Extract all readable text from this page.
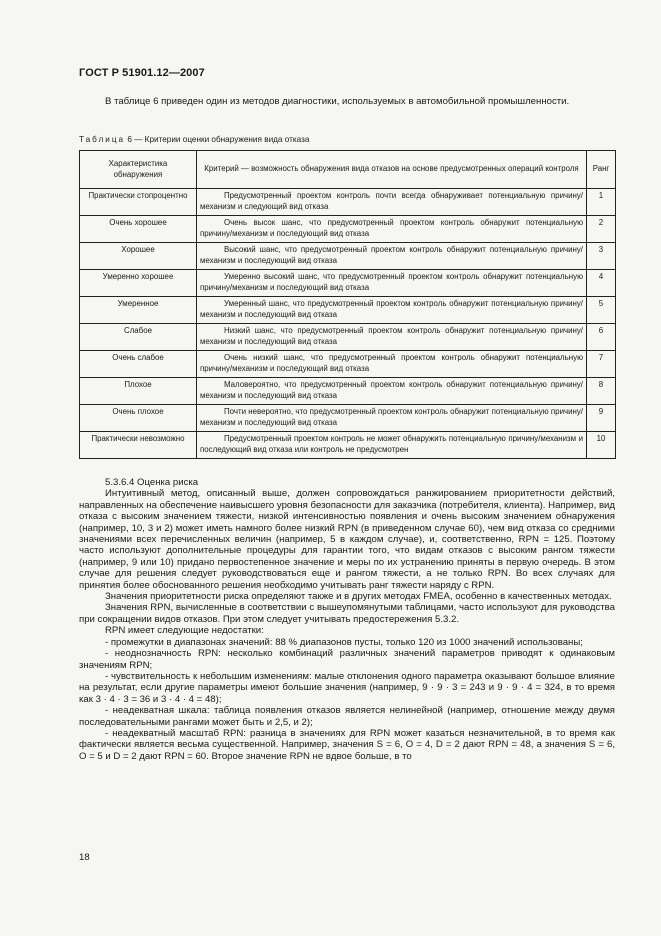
ГОСТ Р 51901.12—2007
В таблице 6 приведен один из методов диагностики, используемых в автомобильной промышленности.
Таблица 6 — Критерии оценки обнаружения вида отказа
Характеристика обнаружения	Критерий — возможность обнаружения вида отказов на основе предусмотренных операций контроля	Ранг
Практически стопроцентно	Предусмотренный проектом контроль почти всегда обнаруживает потенциальную причину/механизм и следующий вид отказа	1
Очень хорошее	Очень высок шанс, что предусмотренный проектом контроль обнаружит потенциальную причину/механизм и последующий вид отказа	2
Хорошее	Высокий шанс, что предусмотренный проектом контроль обнаружит потенциальную причину/механизм и последующий вид отказа	3
Умеренно хорошее	Умеренно высокий шанс, что предусмотренный проектом контроль обнаружит потенциальную причину/механизм и последующий вид отказа	4
Умеренное	Умеренный шанс, что предусмотренный проектом контроль обнаружит потенциальную причину/механизм и последующий вид отказа	5
Слабое	Низкий шанс, что предусмотренный проектом контроль обнаружит потенциальную причину/механизм и последующий вид отказа	6
Очень слабое	Очень низкий шанс, что предусмотренный проектом контроль обнаружит потенциальную причину/механизм и последующий вид отказа	7
Плохое	Маловероятно, что предусмотренный проектом контроль обнаружит потенциальную причину/механизм и последующий вид отказа	8
Очень плохое	Почти невероятно, что предусмотренный проектом контроль обнаружит потенциальную причину/механизм и последующий вид отказа	9
Практически невозможно	Предусмотренный проектом контроль не может обнаружить потенциальную причину/механизм и последующий вид отказа или контроль не предусмотрен	10

5.3.6.4 Оценка риска

Интуитивный метод, описанный выше, должен сопровождаться ранжированием приоритетности действий, направленных на обеспечение наивысшего уровня безопасности для заказчика (потребителя, клиента). Например, вид отказа с высоким значением тяжести, низкой интенсивностью появления и очень высоким значением обнаружения (например, 10, 3 и 2) может иметь намного более низкий RPN (в приведенном случае 60), чем вид отказа со средними значениями всех перечисленных величин (например, 5 в каждом случае), и, соответственно, RPN = 125. Поэтому часто используют дополнительные процедуры для гарантии того, что видам отказов с высоким рангом тяжести (например, 9 или 10) придано первостепенное значение и меры по их устранению приняты в первую очередь. В этом случае для решения следует руководствоваться еще и рангом тяжести, а не только RPN. Во всех случаях для принятия более обоснованного решения необходимо учитывать ранг тяжести наряду с RPN.

Значения приоритетности риска определяют также и в других методах FMEA, особенно в качественных методах.

Значения RPN, вычисленные в соответствии с вышеупомянутыми таблицами, часто используют для руководства при сокращении видов отказов. При этом следует учитывать предостережения 5.3.2.

RPN имеет следующие недостатки:

- промежутки в диапазонах значений: 88 % диапазонов пусты, только 120 из 1000 значений использованы;

- неоднозначность RPN: несколько комбинаций различных значений параметров приводят к одинаковым значениям RPN;

- чувствительность к небольшим изменениям: малые отклонения одного параметра оказывают большое влияние на результат, если другие параметры имеют большие значения (например, 9 · 9 · 3 = 243 и 9 · 9 · 4 = 324, в то время как 3 · 4 · 3 = 36 и 3 · 4 · 4 = 48);

- неадекватная шкала: таблица появления отказов является нелинейной (например, отношение между двумя последовательными рангами может быть и 2,5, и 2);

- неадекватный масштаб RPN: разница в значениях для RPN может казаться незначительной, в то время как фактически является весьма существенной. Например, значения S = 6, O = 4, D = 2 дают RPN = 48, а значения S = 6, O = 5 и D = 2 дают RPN = 60. Второе значение RPN не вдвое больше, в то

18
